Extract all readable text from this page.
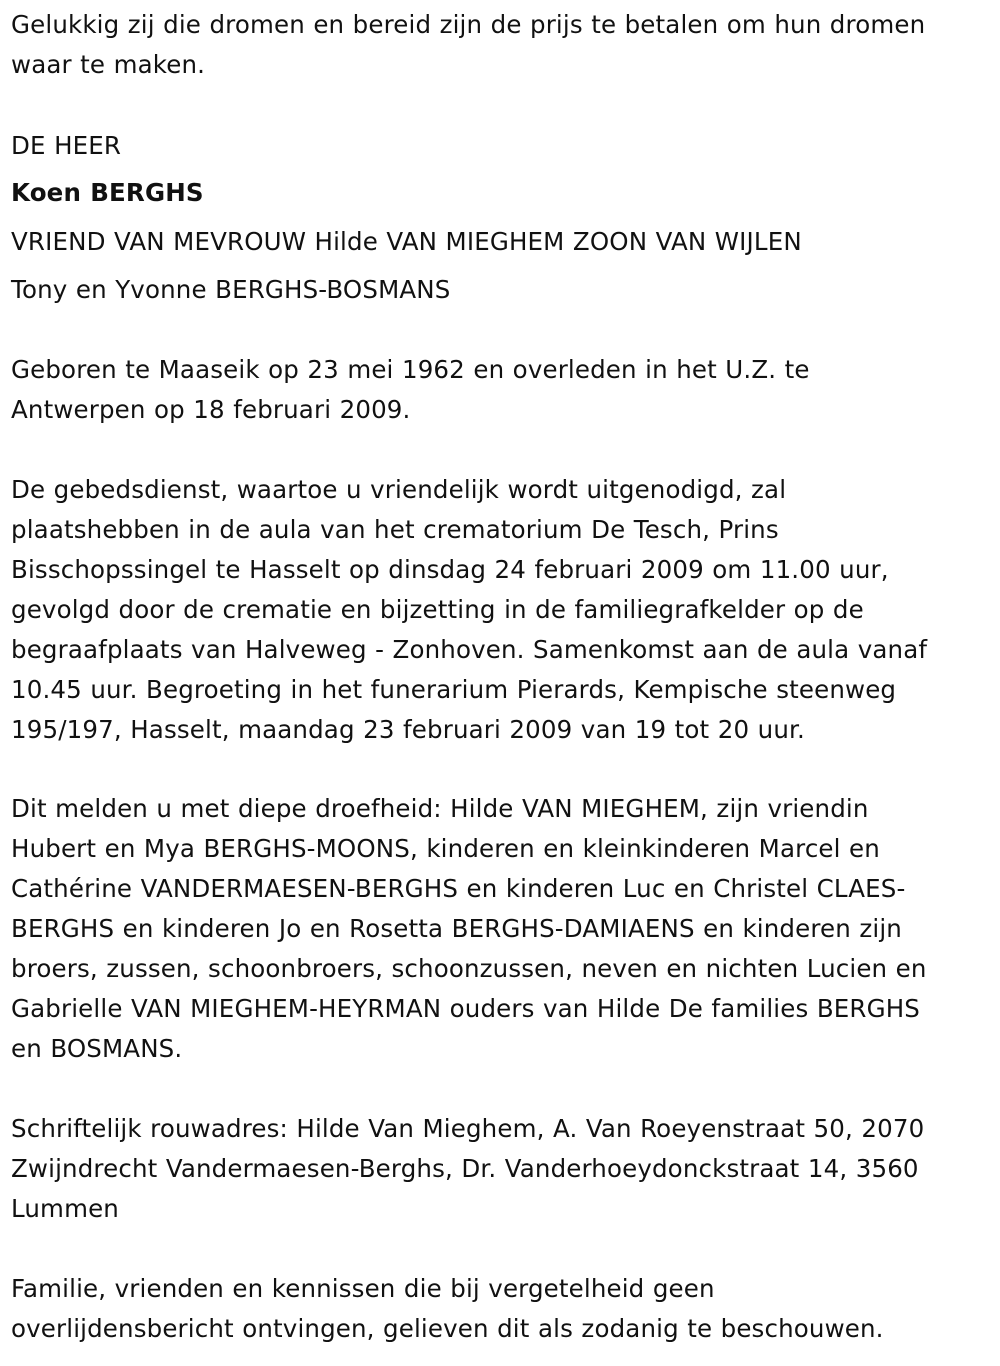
Gelukkig zij die dromen en bereid zijn de prijs te betalen om hun dromen
waar te maken.

DE HEER

Koen BERGHS

VRIEND VAN MEVROUW Hilde VAN MIEGHEM ZOON VAN WIJLEN

Tony en Yvonne BERGHS-BOSMANS

Geboren te Maaseik op 23 mei 1962 en overleden in het U.Z. te
Antwerpen op 18 februari 2009.

De gebedsdienst, waartoe u vriendelijk wordt uitgenodigd, zal
plaatshebben in de aula van het crematorium De Tesch, Prins
Bisschopssingel te Hasselt op dinsdag 24 februari 2009 om 11.00 uur,
gevolgd door de crematie en bijzetting in de familiegrafkelder op de
begraafplaats van Halveweg - Zonhoven. Samenkomst aan de aula vanaf
10.45 uur. Begroeting in het funerarium Pierards, Kempische steenweg
195/197, Hasselt, maandag 23 februari 2009 van 19 tot 20 uur.

Dit melden u met diepe droefheid: Hilde VAN MIEGHEM, zijn vriendin
Hubert en Mya BERGHS-MOONS, kinderen en kleinkinderen Marcel en
Cathérine VANDERMAESEN-BERGHS en kinderen Luc en Christel CLAES-
BERGHS en kinderen Jo en Rosetta BERGHS-DAMIAENS en kinderen zijn
broers, zussen, schoonbroers, schoonzussen, neven en nichten Lucien en
Gabrielle VAN MIEGHEM-HEYRMAN ouders van Hilde De families BERGHS
en BOSMANS.

Schriftelijk rouwadres: Hilde Van Mieghem, A. Van Roeyenstraat 50, 2070
Zwijndrecht Vandermaesen-Berghs, Dr. Vanderhoeydonckstraat 14, 3560
Lummen

Familie, vrienden en kennissen die bij vergetelheid geen
overlijdensbericht ontvingen, gelieven dit als zodanig te beschouwen.
